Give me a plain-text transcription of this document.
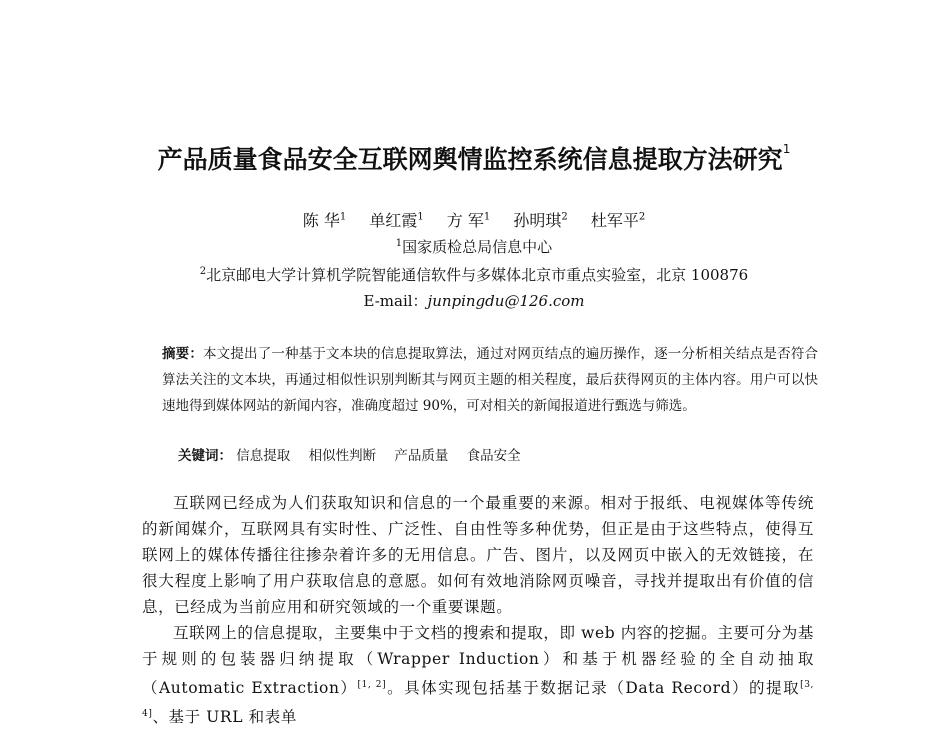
产品质量食品安全互联网舆情监控系统信息提取方法研究$^1$
陈 华$^1$ 单红霞$^1$ 方 军$^1$ 孙明琪$^2$ 杜军平$^2$
$^1$国家质检总局信息中心
$^2$北京邮电大学计算机学院智能通信软件与多媒体北京市重点实验室，北京 100876
E-mail：junpingdu@126.com
摘要：本文提出了一种基于文本块的信息提取算法，通过对网页结点的遍历操作，逐一分析相关结点是否符合算法关注的文本块，再通过相似性识别判断其与网页主题的相关程度，最后获得网页的主体内容。用户可以快速地得到媒体网站的新闻内容，准确度超过 90%，可对相关的新闻报道进行甄选与筛选。
关键词： 信息提取 相似性判断 产品质量 食品安全

互联网已经成为人们获取知识和信息的一个最重要的来源。相对于报纸、电视媒体等传统的新闻媒介，互联网具有实时性、广泛性、自由性等多种优势，但正是由于这些特点，使得互联网上的媒体传播往往掺杂着许多的无用信息。广告、图片，以及网页中嵌入的无效链接，在很大程度上影响了用户获取信息的意愿。如何有效地消除网页噪音，寻找并提取出有价值的信息，已经成为当前应用和研究领域的一个重要课题。

互联网上的信息提取，主要集中于文档的搜索和提取，即 web 内容的挖掘。主要可分为基于规则的包装器归纳提取（Wrapper Induction）和基于机器经验的全自动抽取（Automatic Extraction）[1, 2]。具体实现包括基于数据记录（Data Record）的提取[3, 4]、基于 URL 和表单
